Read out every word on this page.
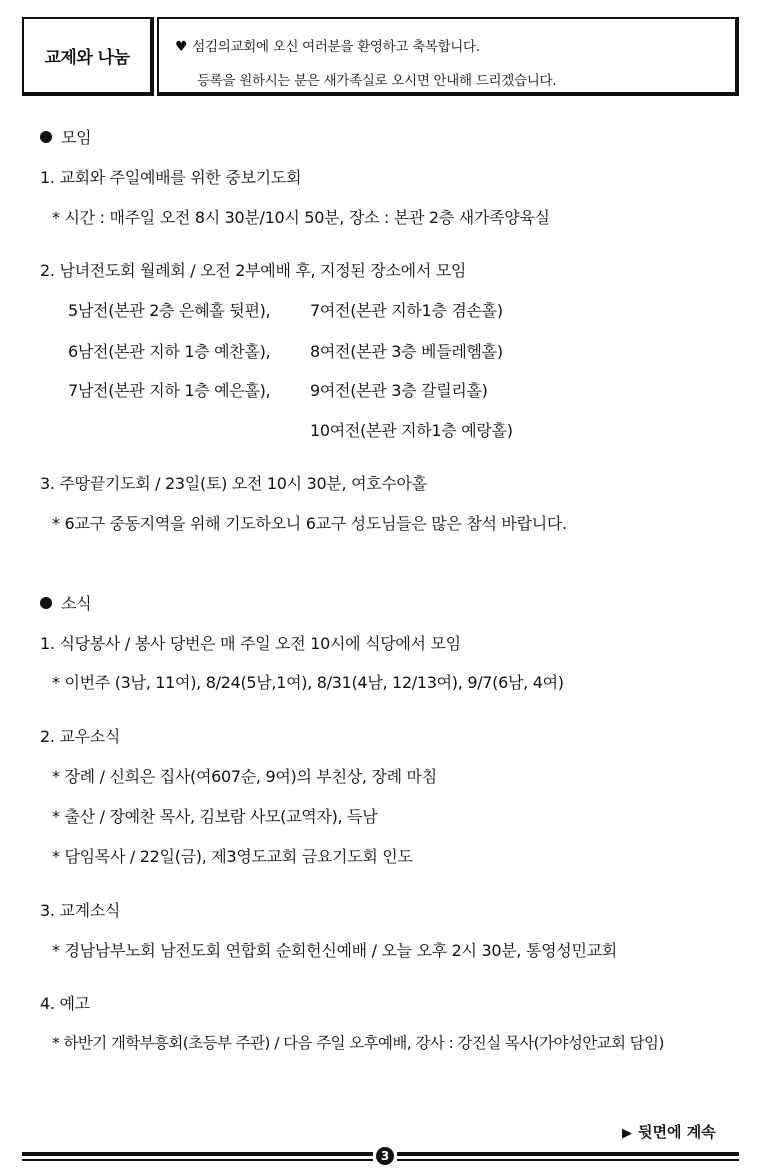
교제와 나눔
♥ 섬김의교회에 오신 여러분을 환영하고 축복합니다.
등록을 원하시는 분은 새가족실로 오시면 안내해 드리겠습니다.
모임
1. 교회와 주일예배를 위한 중보기도회
* 시간 : 매주일 오전 8시 30분/10시 50분, 장소 : 본관 2층 새가족양육실
2. 남녀전도회 월례회 / 오전 2부예배 후, 지정된 장소에서 모임
5남전(본관 2층 은혜홀 뒷편), 7여전(본관 지하1층 겸손홀)
6남전(본관 지하 1층 예찬홀), 8여전(본관 3층 베들레헴홀)
7남전(본관 지하 1층 예은홀), 9여전(본관 3층 갈릴리홀)
10여전(본관 지하1층 예랑홀)
3. 주땅끝기도회 / 23일(토) 오전 10시 30분, 여호수아홀
* 6교구 중동지역을 위해 기도하오니 6교구 성도님들은 많은 참석 바랍니다.
소식
1. 식당봉사 / 봉사 당번은 매 주일 오전 10시에 식당에서 모임
* 이번주 (3남, 11여), 8/24(5남,1여), 8/31(4남, 12/13여), 9/7(6남, 4여)
2. 교우소식
* 장례 / 신희은 집사(여607순, 9여)의 부친상, 장례 마침
* 출산 / 장예찬 목사, 김보람 사모(교역자), 득남
* 담임목사 / 22일(금), 제3영도교회 금요기도회 인도
3. 교계소식
* 경남남부노회 남전도회 연합회 순회헌신예배 / 오늘 오후 2시 30분, 통영성민교회
4. 예고
* 하반기 개학부흥회(초등부 주관) / 다음 주일 오후예배, 강사 : 강진실 목사(가야성안교회 담임)
▶ 뒷면에 계속
3
